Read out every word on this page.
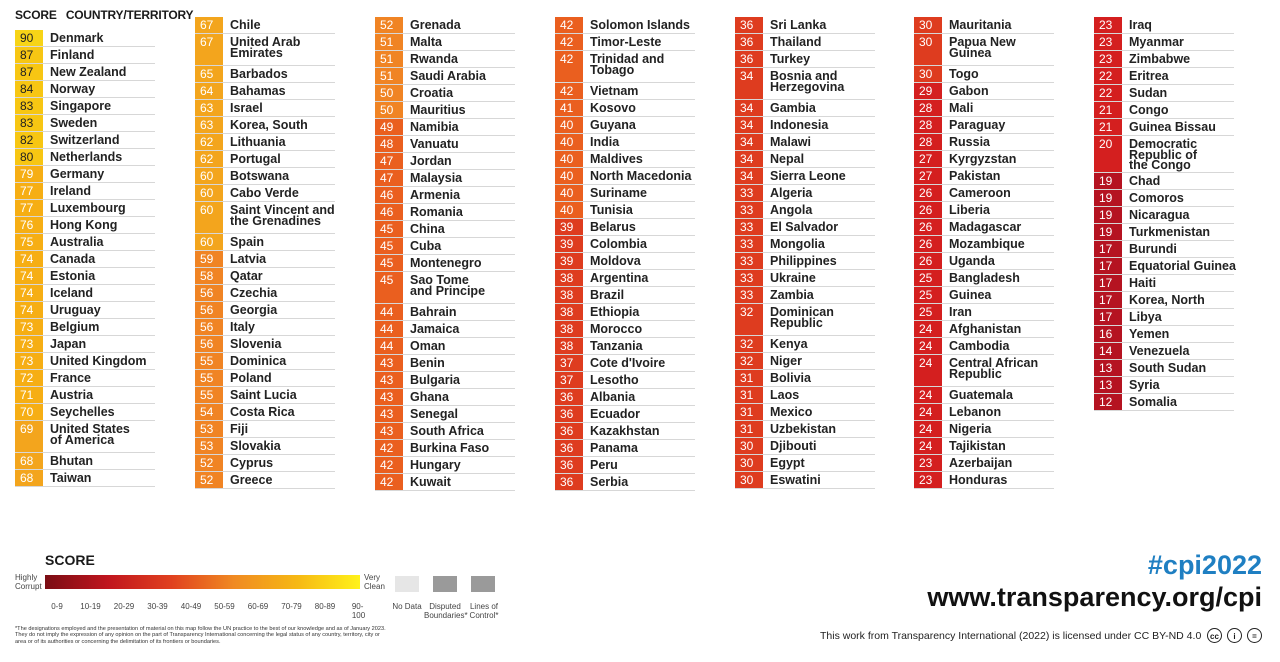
SCORE COUNTRY/TERRITORY
90	Denmark
87	Finland
87	New Zealand
84	Norway
83	Singapore
83	Sweden
82	Switzerland
80	Netherlands
79	Germany
77	Ireland
77	Luxembourg
76	Hong Kong
75	Australia
74	Canada
74	Estonia
74	Iceland
74	Uruguay
73	Belgium
73	Japan
73	United Kingdom
72	France
71	Austria
70	Seychelles
69	United States
of America
68	Bhutan
68	Taiwan
67	Chile
67	United Arab
Emirates
65	Barbados
64	Bahamas
63	Israel
63	Korea, South
62	Lithuania
62	Portugal
60	Botswana
60	Cabo Verde
60	Saint Vincent and
the Grenadines
60	Spain
59	Latvia
58	Qatar
56	Czechia
56	Georgia
56	Italy
56	Slovenia
55	Dominica
55	Poland
55	Saint Lucia
54	Costa Rica
53	Fiji
53	Slovakia
52	Cyprus
52	Greece
52	Grenada
51	Malta
51	Rwanda
51	Saudi Arabia
50	Croatia
50	Mauritius
49	Namibia
48	Vanuatu
47	Jordan
47	Malaysia
46	Armenia
46	Romania
45	China
45	Cuba
45	Montenegro
45	Sao Tome
and Principe
44	Bahrain
44	Jamaica
44	Oman
43	Benin
43	Bulgaria
43	Ghana
43	Senegal
43	South Africa
42	Burkina Faso
42	Hungary
42	Kuwait
42	Solomon Islands
42	Timor-Leste
42	Trinidad and
Tobago
42	Vietnam
41	Kosovo
40	Guyana
40	India
40	Maldives
40	North Macedonia
40	Suriname
40	Tunisia
39	Belarus
39	Colombia
39	Moldova
38	Argentina
38	Brazil
38	Ethiopia
38	Morocco
38	Tanzania
37	Cote d'Ivoire
37	Lesotho
36	Albania
36	Ecuador
36	Kazakhstan
36	Panama
36	Peru
36	Serbia
36	Sri Lanka
36	Thailand
36	Turkey
34	Bosnia and
Herzegovina
34	Gambia
34	Indonesia
34	Malawi
34	Nepal
34	Sierra Leone
33	Algeria
33	Angola
33	El Salvador
33	Mongolia
33	Philippines
33	Ukraine
33	Zambia
32	Dominican
Republic
32	Kenya
32	Niger
31	Bolivia
31	Laos
31	Mexico
31	Uzbekistan
30	Djibouti
30	Egypt
30	Eswatini
30	Mauritania
30	Papua New
Guinea
30	Togo
29	Gabon
28	Mali
28	Paraguay
28	Russia
27	Kyrgyzstan
27	Pakistan
26	Cameroon
26	Liberia
26	Madagascar
26	Mozambique
26	Uganda
25	Bangladesh
25	Guinea
25	Iran
24	Afghanistan
24	Cambodia
24	Central African
Republic
24	Guatemala
24	Lebanon
24	Nigeria
24	Tajikistan
23	Azerbaijan
23	Honduras
23	Iraq
23	Myanmar
23	Zimbabwe
22	Eritrea
22	Sudan
21	Congo
21	Guinea Bissau
20	Democratic
Republic of
the Congo
19	Chad
19	Comoros
19	Nicaragua
19	Turkmenistan
17	Burundi
17	Equatorial Guinea
17	Haiti
17	Korea, North
17	Libya
16	Yemen
14	Venezuela
13	South Sudan
13	Syria
12	Somalia
SCORE
Highly
Corrupt
Very
Clean
0-9 10-19 20-29 30-39 40-49 50-59 60-69 70-79 80-89 90-100
No Data Disputed
Boundaries*
Lines of
Control*
*The designations employed and the presentation of material on this map follow the UN practice to the best of our knowledge and as of January 2023. They do not imply the expression of any opinion on the part of Transparency International concerning the legal status of any country, territory, city or area or of its authorities or concerning the delimitation of its frontiers or boundaries.
#cpi2022
www.transparency.org/cpi
This work from Transparency International (2022) is licensed under CC BY-ND 4.0	cc	i	=
